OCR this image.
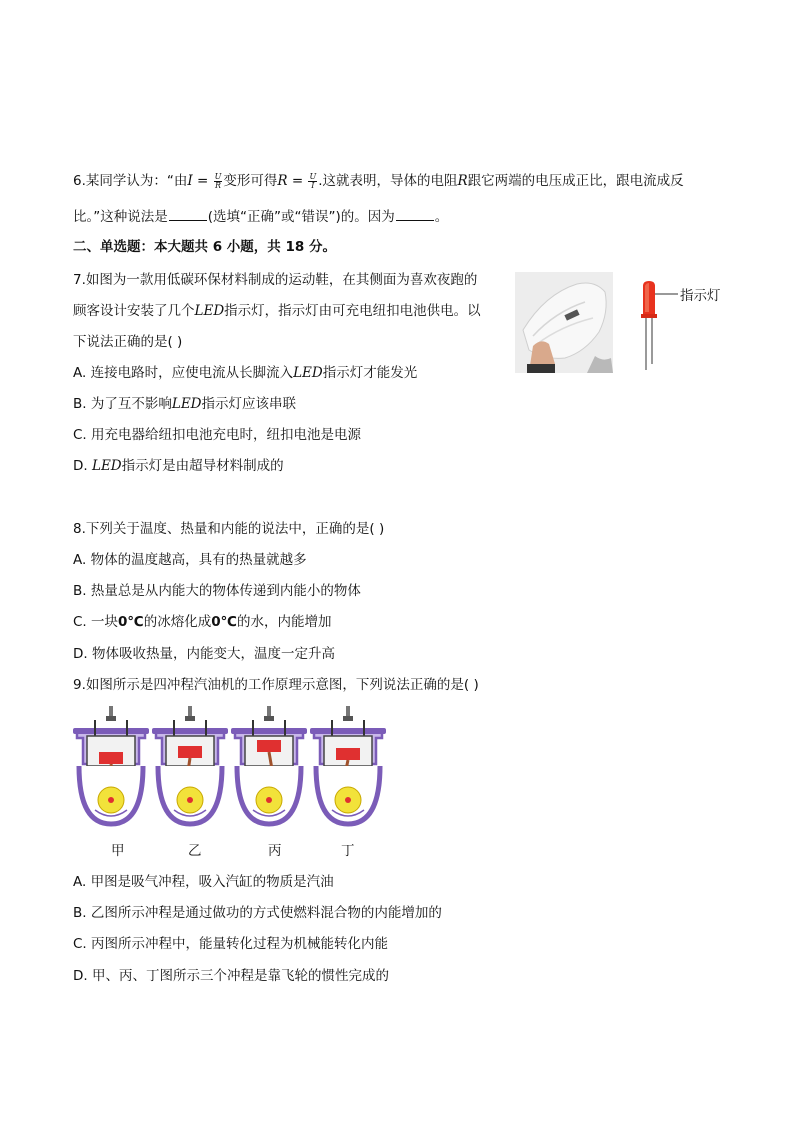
6.某同学认为：“由$I = \frac{U}{R}$ 变形可得$R = \frac{U}{I}$ .这就表明，导体的电阻R跟它两端的电压成正比，跟电流成反
比。”这种说法是	(选填“正确”或“错误”)的。因为	。
二、单选题：本大题共 6 小题，共 18 分。
7.如图为一款用低碳环保材料制成的运动鞋，在其侧面为喜欢夜跑的
顾客设计安装了几个LED指示灯，指示灯由可充电纽扣电池供电。以
下说法正确的是( )
A. 连接电路时，应使电流从长脚流入LED指示灯才能发光
B. 为了互不影响LED指示灯应该串联
C. 用充电器给纽扣电池充电时，纽扣电池是电源
D. LED指示灯是由超导材料制成的
指示灯
8.下列关于温度、热量和内能的说法中，正确的是( )
A. 物体的温度越高，具有的热量就越多
B. 热量总是从内能大的物体传递到内能小的物体
C. 一块0℃的冰熔化成0℃的水，内能增加
D. 物体吸收热量，内能变大，温度一定升高
9.如图所示是四冲程汽油机的工作原理示意图，下列说法正确的是( )
甲	乙	丙	丁
A. 甲图是吸气冲程，吸入汽缸的物质是汽油
B. 乙图所示冲程是通过做功的方式使燃料混合物的内能增加的
C. 丙图所示冲程中，能量转化过程为机械能转化内能
D. 甲、丙、丁图所示三个冲程是靠飞轮的惯性完成的
